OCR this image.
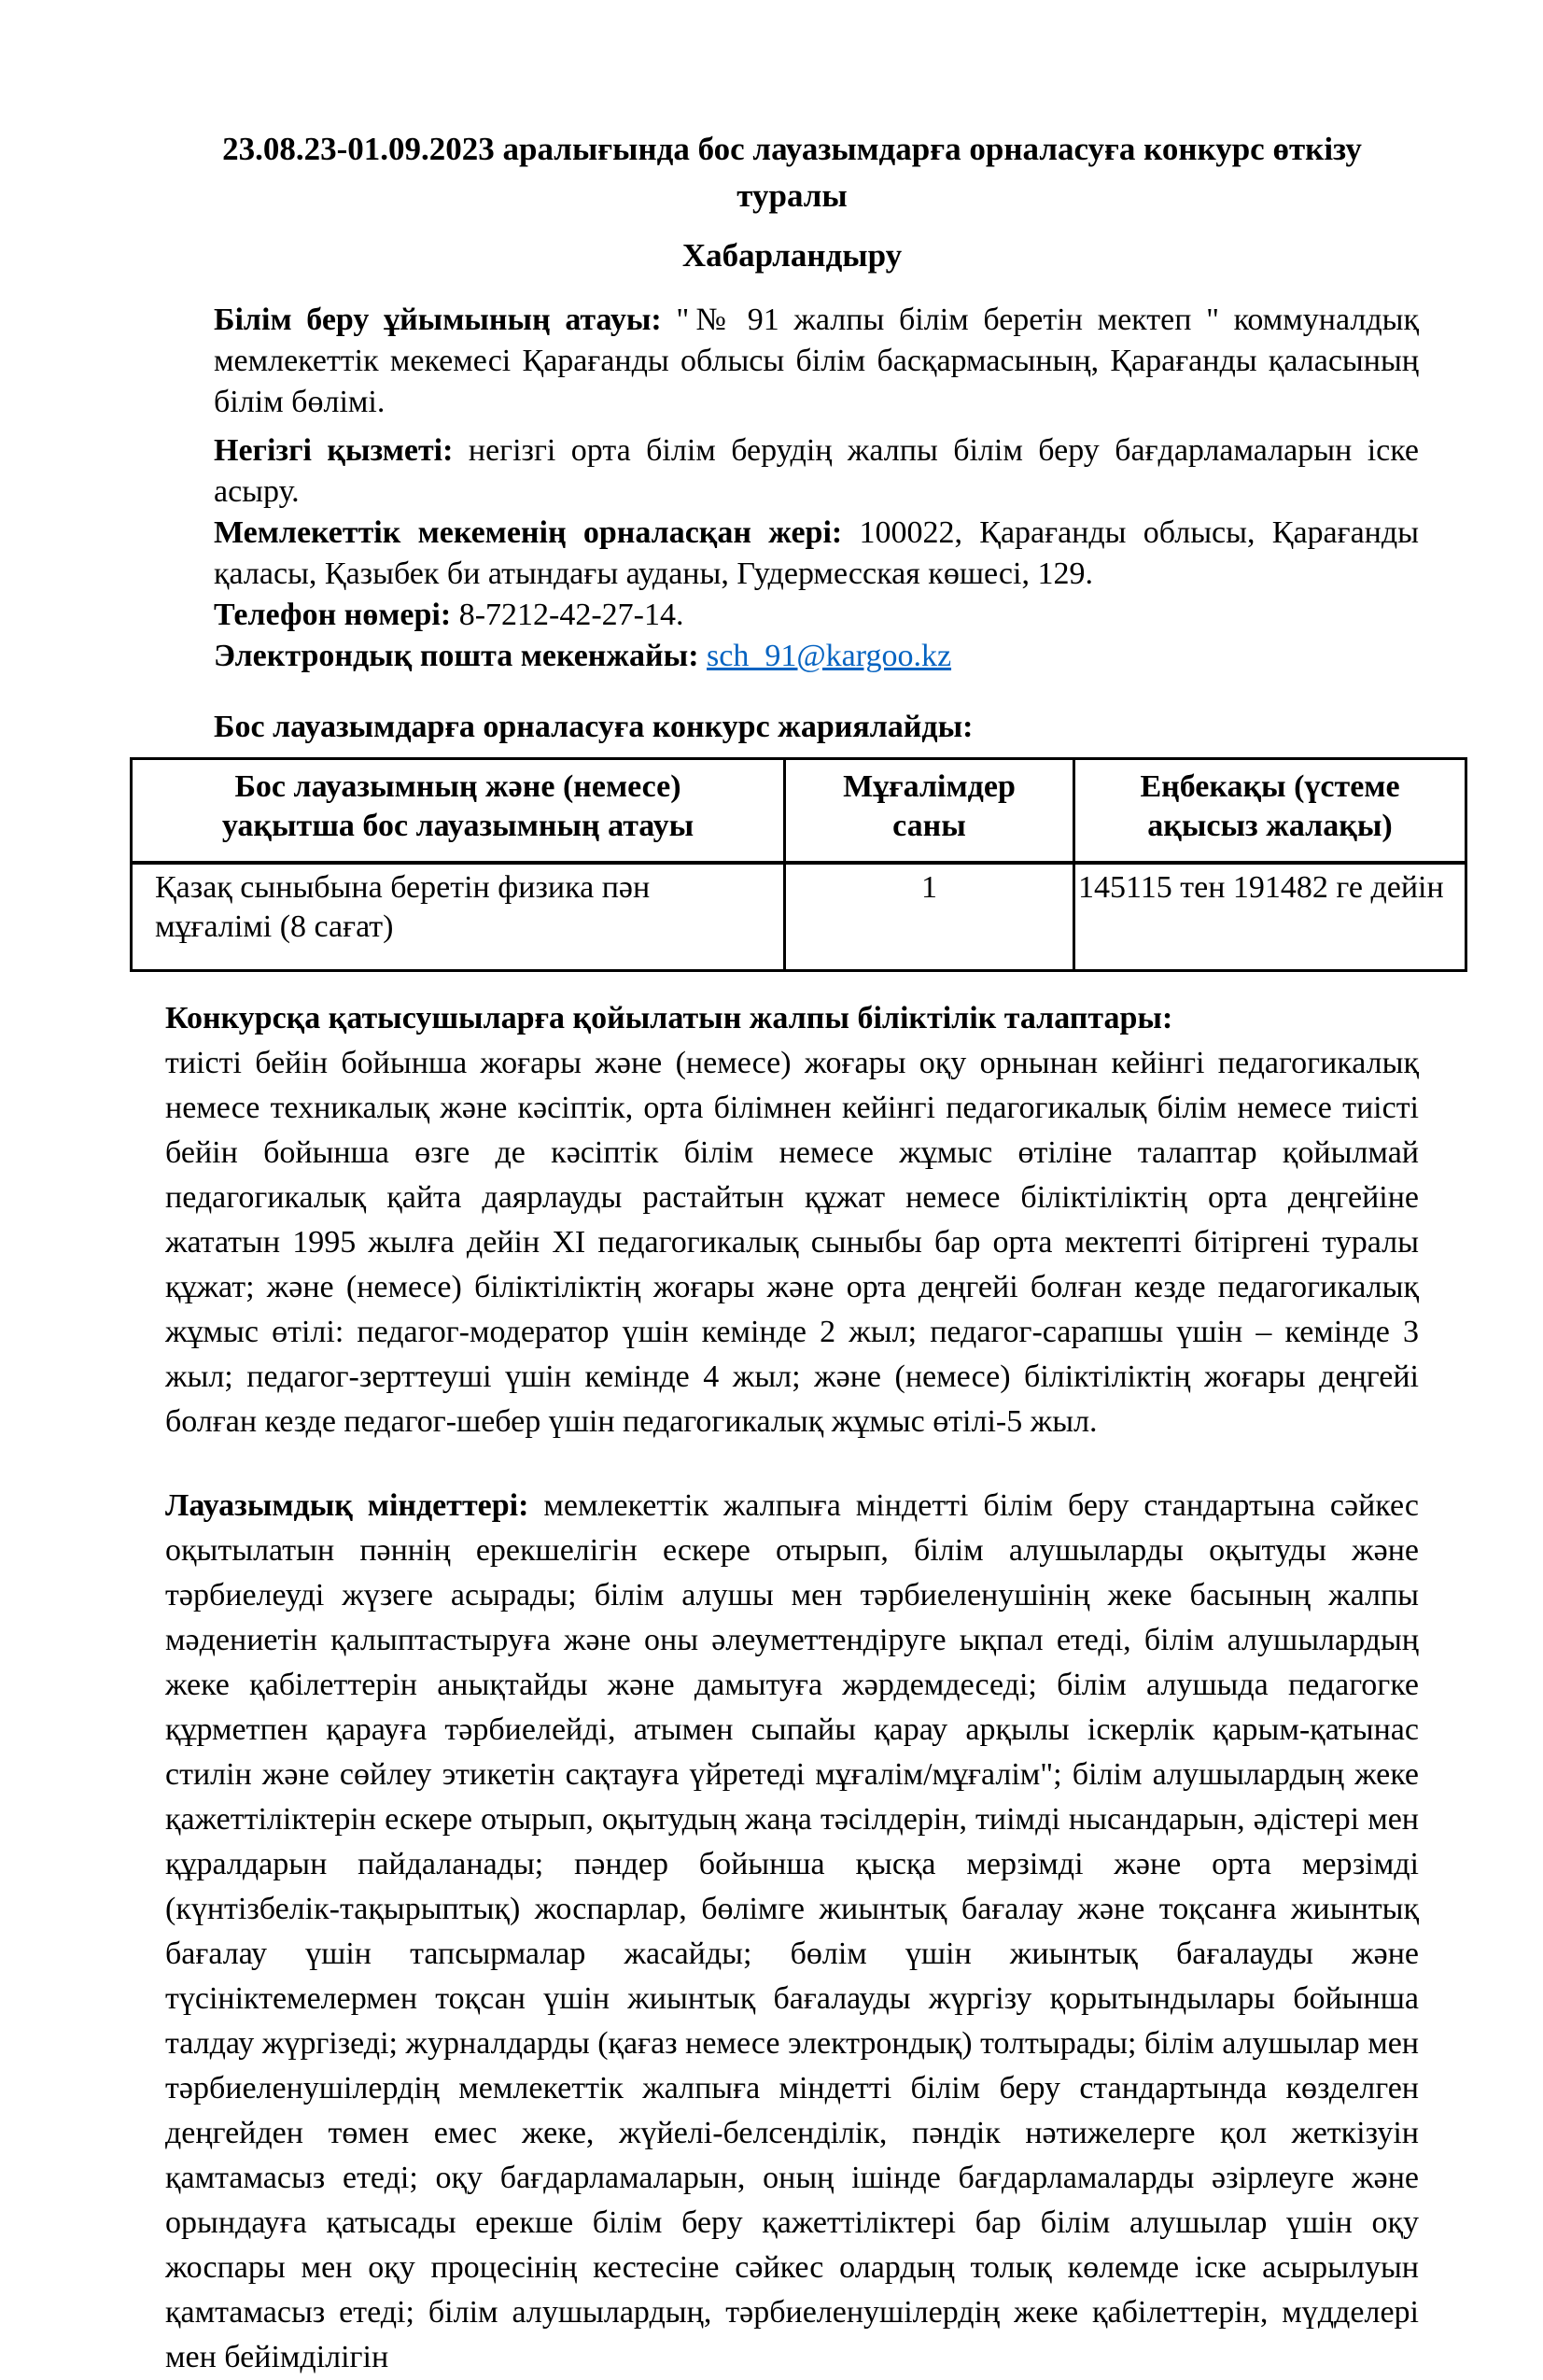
23.08.23-01.09.2023 аралығында бос лауазымдарға орналасуға конкурс өткізу
туралы
Хабарландыру

Білім беру ұйымының атауы: "№ 91 жалпы білім беретін мектеп " коммуналдық мемлекеттік мекемесі Қарағанды облысы білім басқармасының, Қарағанды қаласының білім бөлімі.

Негізгі қызметі: негізгі орта білім берудің жалпы білім беру бағдарламаларын іске асыру.

Мемлекеттік мекеменің орналасқан жері: 100022, Қарағанды облысы, Қарағанды қаласы, Қазыбек би атындағы ауданы, Гудермесская көшесі, 129.

Телефон нөмері: 8-7212-42-27-14.

Электрондық пошта мекенжайы: sch_91@kargoo.kz

Бос лауазымдарға орналасуға конкурс жариялайды:

Бос лауазымның және (немесе) уақытша бос лауазымның атауы	Мұғалімдер саны	Еңбекақы (үстеме ақысыз жалақы)
Қазақ сыныбына беретін физика пән мұғалімі (8 сағат)	1	145115 тен 191482 ге дейін

Конкурсқа қатысушыларға қойылатын жалпы біліктілік талаптары:

тиісті бейін бойынша жоғары және (немесе) жоғары оқу орнынан кейінгі педагогикалық немесе техникалық және кәсіптік, орта білімнен кейінгі педагогикалық білім немесе тиісті бейін бойынша өзге де кәсіптік білім немесе жұмыс өтіліне талаптар қойылмай педагогикалық қайта даярлауды растайтын құжат немесе біліктіліктің орта деңгейіне жататын 1995 жылға дейін XI педагогикалық сыныбы бар орта мектепті бітіргені туралы құжат; және (немесе) біліктіліктің жоғары және орта деңгейі болған кезде педагогикалық жұмыс өтілі: педагог-модератор үшін кемінде 2 жыл; педагог-сарапшы үшін – кемінде 3 жыл; педагог-зерттеуші үшін кемінде 4 жыл; және (немесе) біліктіліктің жоғары деңгейі болған кезде педагог-шебер үшін педагогикалық жұмыс өтілі-5 жыл.

Лауазымдық міндеттері: мемлекеттік жалпыға міндетті білім беру стандартына сәйкес оқытылатын пәннің ерекшелігін ескере отырып, білім алушыларды оқытуды және тәрбиелеуді жүзеге асырады; білім алушы мен тәрбиеленушінің жеке басының жалпы мәдениетін қалыптастыруға және оны әлеуметтендіруге ықпал етеді, білім алушылардың жеке қабілеттерін анықтайды және дамытуға жәрдемдеседі; білім алушыда педагогке құрметпен қарауға тәрбиелейді, атымен сыпайы қарау арқылы іскерлік қарым-қатынас стилін және сөйлеу этикетін сақтауға үйретеді мұғалім/мұғалім"; білім алушылардың жеке қажеттіліктерін ескере отырып, оқытудың жаңа тәсілдерін, тиімді нысандарын, әдістері мен құралдарын пайдаланады; пәндер бойынша қысқа мерзімді және орта мерзімді (күнтізбелік-тақырыптық) жоспарлар, бөлімге жиынтық бағалау және тоқсанға жиынтық бағалау үшін тапсырмалар жасайды; бөлім үшін жиынтық бағалауды және түсініктемелермен тоқсан үшін жиынтық бағалауды жүргізу қорытындылары бойынша талдау жүргізеді; журналдарды (қағаз немесе электрондық) толтырады; білім алушылар мен тәрбиеленушілердің мемлекеттік жалпыға міндетті білім беру стандартында көзделген деңгейден төмен емес жеке, жүйелі-белсенділік, пәндік нәтижелерге қол жеткізуін қамтамасыз етеді; оқу бағдарламаларын, оның ішінде бағдарламаларды әзірлеуге және орындауға қатысады ерекше білім беру қажеттіліктері бар білім алушылар үшін оқу жоспары мен оқу процесінің кестесіне сәйкес олардың толық көлемде іске асырылуын қамтамасыз етеді; білім алушылардың, тәрбиеленушілердің жеке қабілеттерін, мүдделері мен бейімділігін
